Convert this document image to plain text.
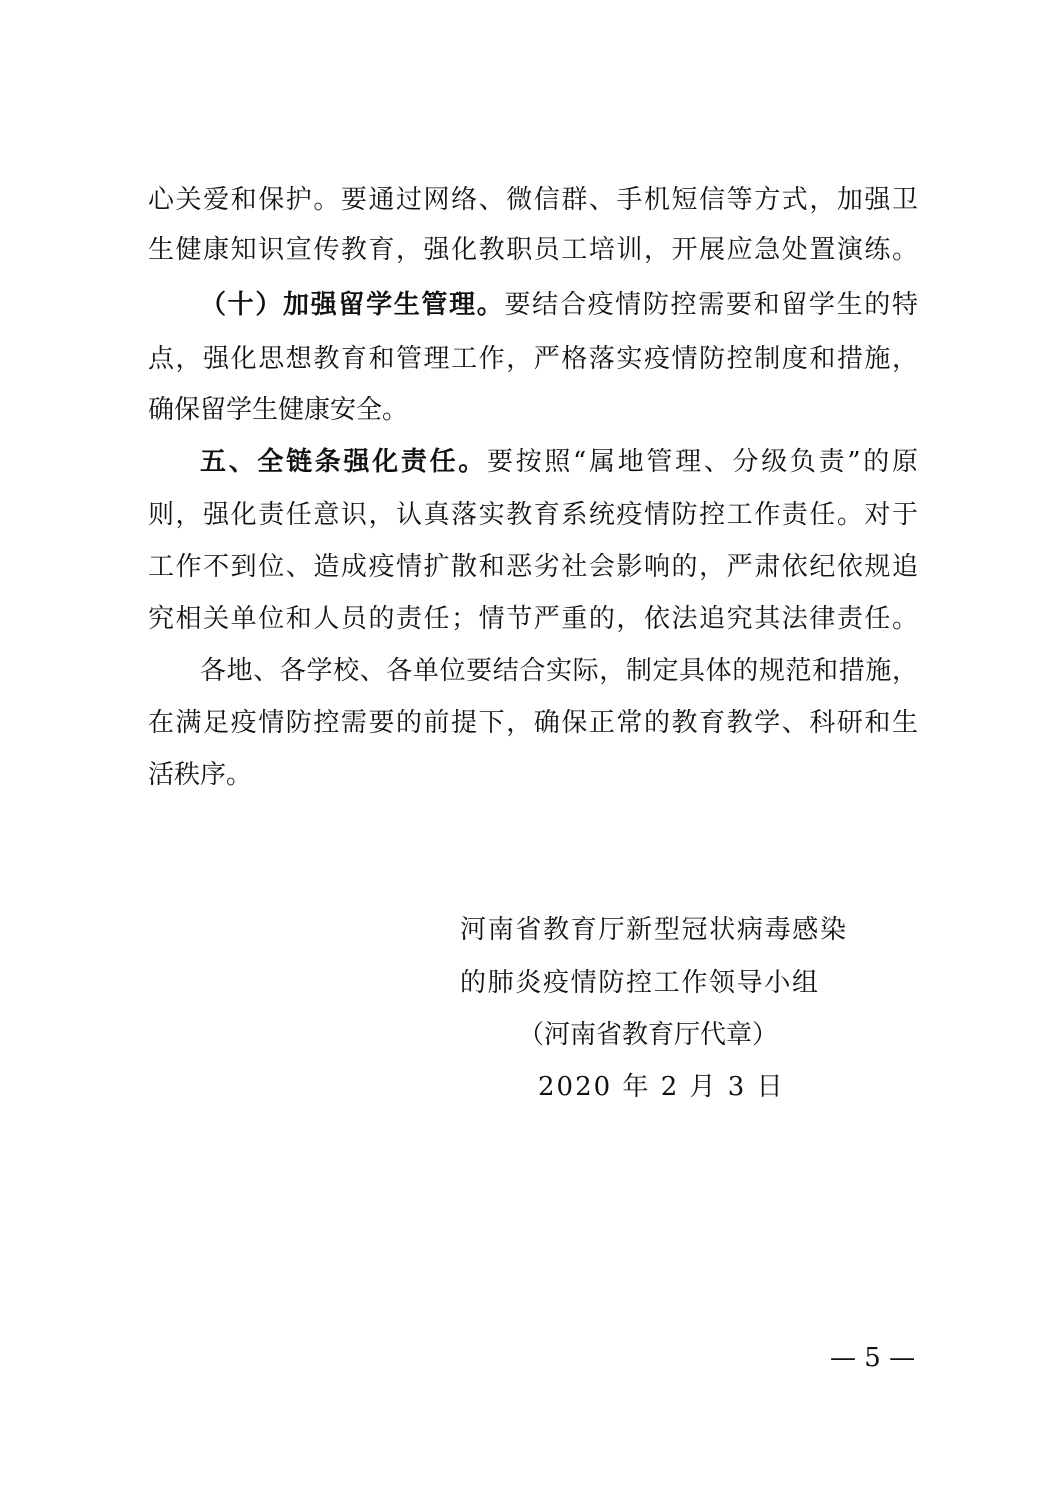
心关爱和保护。要通过网络、微信群、手机短信等方式，加强卫
生健康知识宣传教育，强化教职员工培训，开展应急处置演练。
（十）加强留学生管理。要结合疫情防控需要和留学生的特
点，强化思想教育和管理工作，严格落实疫情防控制度和措施，
确保留学生健康安全。
五、全链条强化责任。要按照“属地管理、分级负责”的原
则，强化责任意识，认真落实教育系统疫情防控工作责任。对于
工作不到位、造成疫情扩散和恶劣社会影响的，严肃依纪依规追
究相关单位和人员的责任；情节严重的，依法追究其法律责任。
各地、各学校、各单位要结合实际，制定具体的规范和措施，
在满足疫情防控需要的前提下，确保正常的教育教学、科研和生
活秩序。
河南省教育厅新型冠状病毒感染
的肺炎疫情防控工作领导小组
（河南省教育厅代章）
2020 年 2 月 3 日
— 5 —
